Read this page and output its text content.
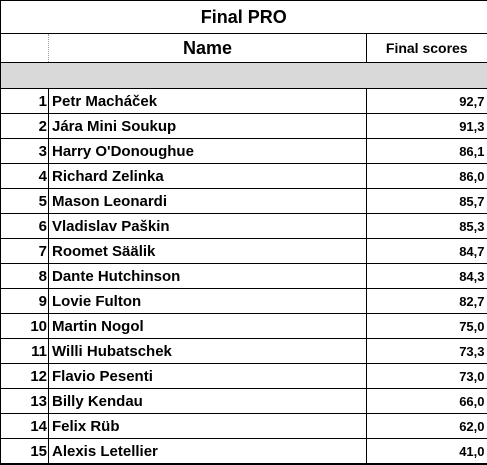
Final PRO		
	Name	Final scores

1	Petr Macháček	92,7
2	Jára Mini Soukup	91,3
3	Harry O'Donoughue	86,1
4	Richard Zelinka	86,0
5	Mason Leonardi	85,7
6	Vladislav Paškin	85,3
7	Roomet Säälik	84,7
8	Dante Hutchinson	84,3
9	Lovie Fulton	82,7
10	Martin Nogol	75,0
11	Willi Hubatschek	73,3
12	Flavio Pesenti	73,0
13	Billy Kendau	66,0
14	Felix Rüb	62,0
15	Alexis Letellier	41,0
